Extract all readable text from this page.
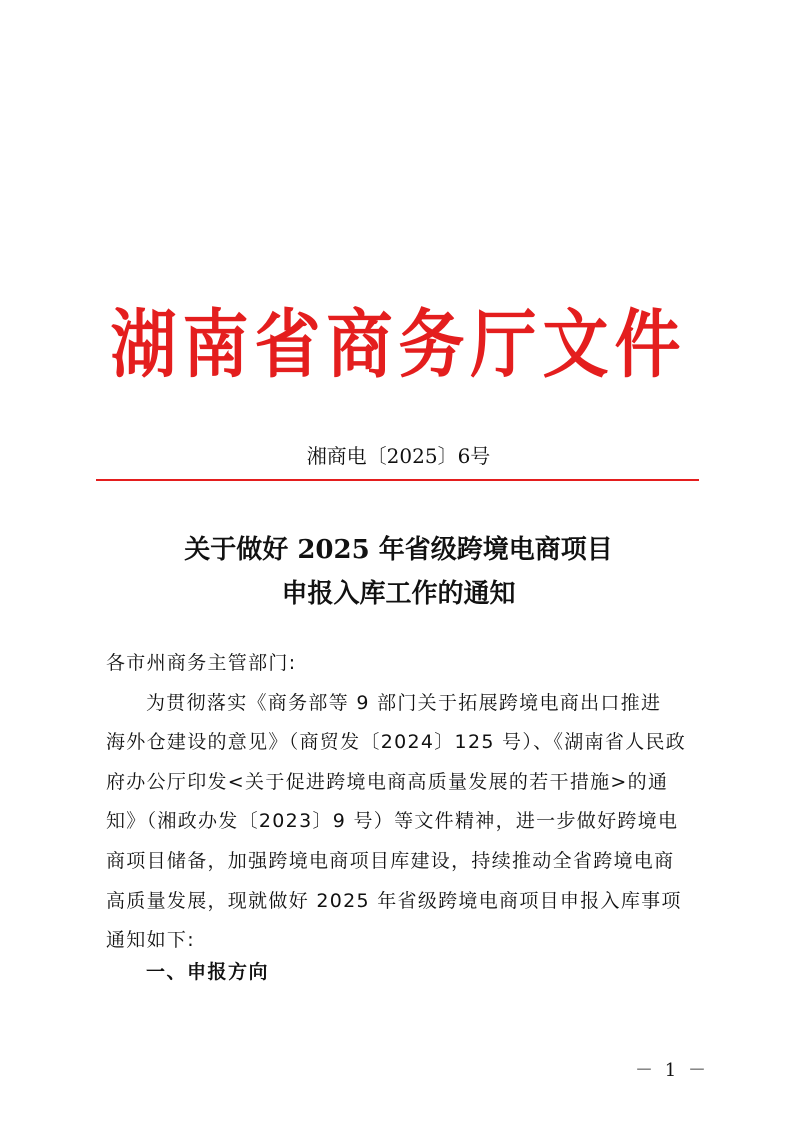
湖南省商务厅文件
湘商电〔2025〕6号
关于做好 2025 年省级跨境电商项目
申报入库工作的通知
各市州商务主管部门:
为贯彻落实《商务部等 9 部门关于拓展跨境电商出口推进
海外仓建设的意见》（商贸发〔2024〕125 号）、《湖南省人民政
府办公厅印发<关于促进跨境电商高质量发展的若干措施>的通
知》（湘政办发〔2023〕9 号）等文件精神，进一步做好跨境电
商项目储备，加强跨境电商项目库建设，持续推动全省跨境电商
高质量发展，现就做好 2025 年省级跨境电商项目申报入库事项
通知如下:
一、申报方向
－ 1 －
